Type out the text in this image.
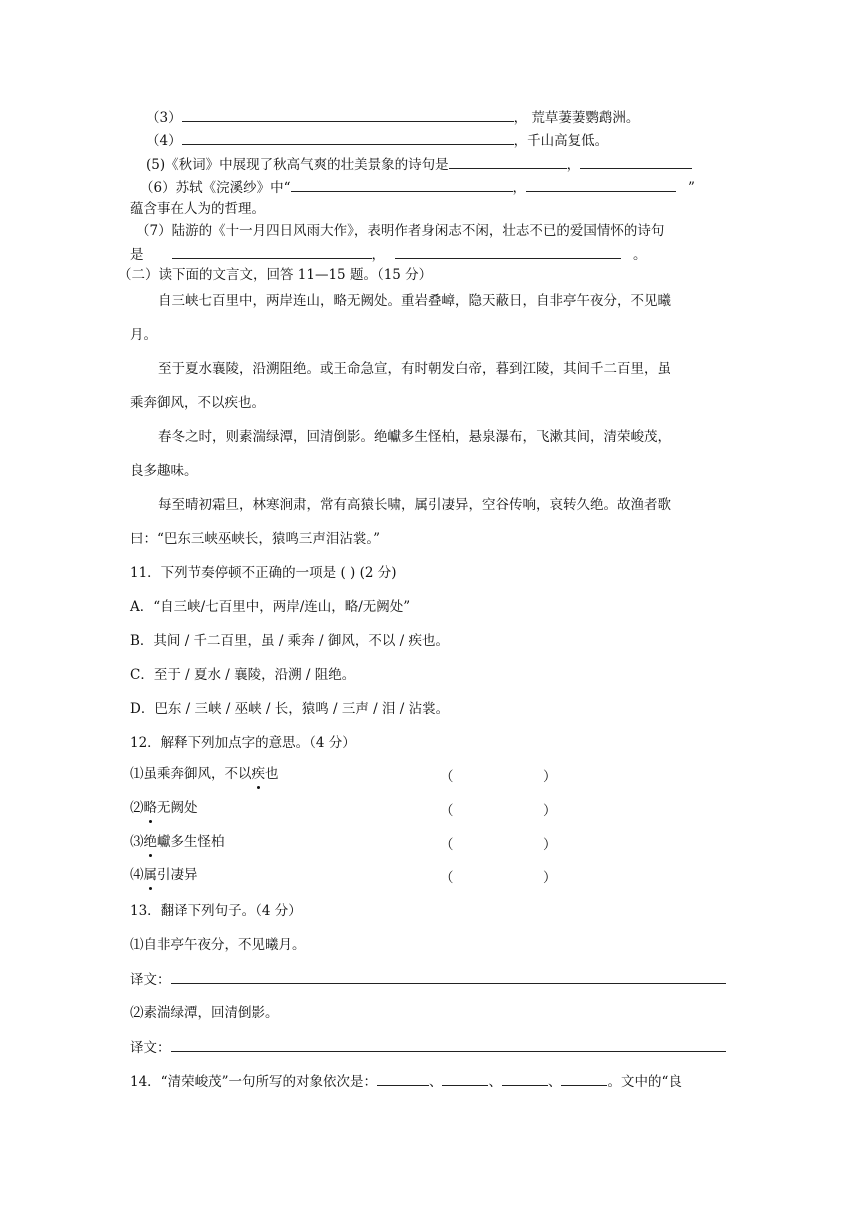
（3）	， 荒草萋萋鹦鹉洲。
（4）	，千山高复低。
(5)《秋词》中展现了秋高气爽的壮美景象的诗句是	，
（6）苏轼《浣溪纱》中“	，	”
蕴含事在人为的哲理。
（7）陆游的《十一月四日风雨大作》，表明作者身闲志不闲，壮志不已的爱国情怀的诗句
是	，	。
（二）读下面的文言文，回答 11—15 题。（15 分）
自三峡七百里中，两岸连山，略无阙处。重岩叠嶂，隐天蔽日，自非亭午夜分，不见曦
月。
至于夏水襄陵，沿溯阻绝。或王命急宣，有时朝发白帝，暮到江陵，其间千二百里，虽
乘奔御风，不以疾也。
春冬之时，则素湍绿潭，回清倒影。绝巘多生怪柏，悬泉瀑布，飞漱其间，清荣峻茂，
良多趣味。
每至晴初霜旦，林寒涧肃，常有高猿长啸，属引凄异，空谷传响，哀转久绝。故渔者歌
曰：“巴东三峡巫峡长，猿鸣三声泪沾裳。”
11．下列节奏停顿不正确的一项是 ( ) (2 分)
A．“自三峡/七百里中，两岸/连山，略/无阙处”
B．其间 / 千二百里，虽 / 乘奔 / 御风，不以 / 疾也。
C．至于 / 夏水 / 襄陵，沿溯 / 阻绝。
D．巴东 / 三峡 / 巫峡 / 长，猿鸣 / 三声 / 泪 / 沾裳。
12．解释下列加点字的意思。（4 分）
⑴虽乘奔御风，不以疾也	（	）
⑵略无阙处	（	）
⑶绝巘多生怪柏	（	）
⑷属引凄异	（	）
13．翻译下列句子。（4 分）
⑴自非亭午夜分，不见曦月。
译文：
⑵素湍绿潭，回清倒影。
译文：
14．“清荣峻茂”一句所写的对象依次是：	、	、	、	。文中的“良
